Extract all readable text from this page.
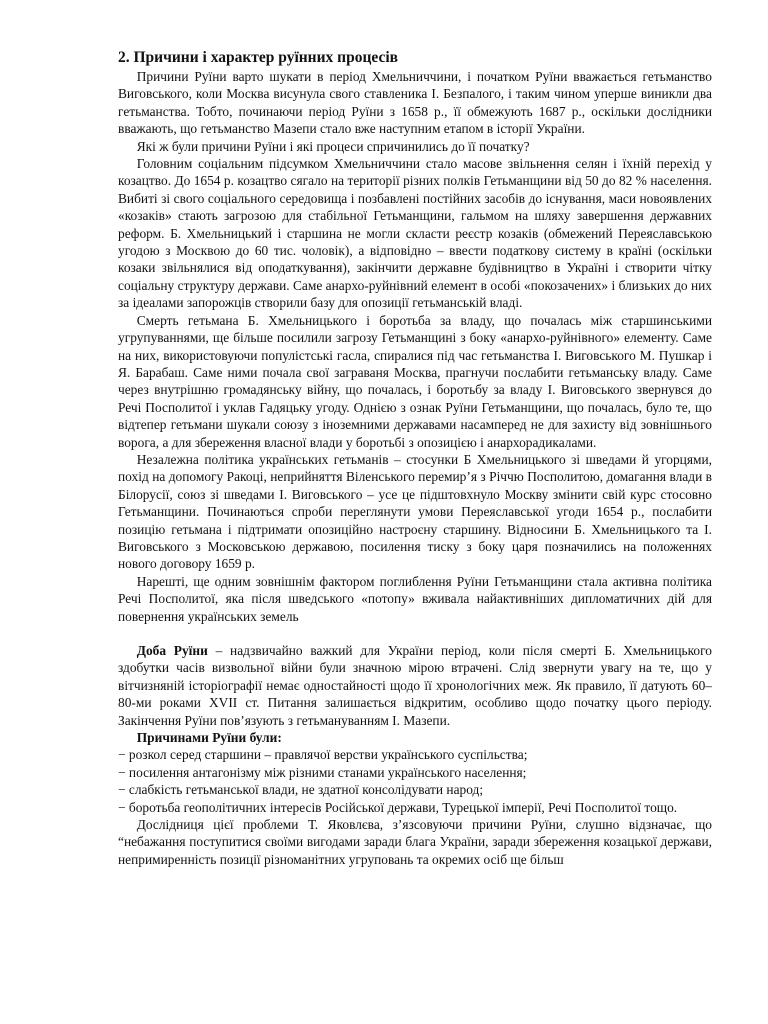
2. Причини і характер руїнних процесів

Причини Руїни варто шукати в період Хмельниччини, і початком Руїни вважається гетьманство Виговського, коли Москва висунула свого ставленика І. Безпалого, і таким чином уперше виникли два гетьманства. Тобто, починаючи період Руїни з 1658 р., її обмежують 1687 р., оскільки дослідники вважають, що гетьманство Мазепи стало вже наступним етапом в історії України.

Які ж були причини Руїни і які процеси спричинились до її початку?

Головним соціальним підсумком Хмельниччини стало масове звільнення селян і їхній перехід у козацтво. До 1654 р. козацтво сягало на території різних полків Гетьманщини від 50 до 82 % населення. Вибиті зі свого соціального середовища і позбавлені постійних засобів до існування, маси новоявлених «козаків» стають загрозою для стабільної Гетьманщини, гальмом на шляху завершення державних реформ. Б. Хмельницький і старшина не могли скласти реєстр козаків (обмежений Переяславською угодою з Москвою до 60 тис. чоловік), а відповідно – ввести податкову систему в країні (оскільки козаки звільнялися від оподаткування), закінчити державне будівництво в Україні і створити чітку соціальну структуру держави. Саме анархо-руйнівний елемент в особі «покозачених» і близьких до них за ідеалами запорожців створили базу для опозиції гетьманській владі.

Смерть гетьмана Б. Хмельницького і боротьба за владу, що почалась між старшинськими угрупуваннями, ще більше посилили загрозу Гетьманщині з боку «анархо-руйнівного» елементу. Саме на них, використовуючи популістські гасла, спиралися під час гетьманства І. Виговського М. Пушкар і Я. Барабаш. Саме ними почала свої заграваня Москва, прагнучи послабити гетьманську владу. Саме через внутрішню громадянську війну, що почалась, і боротьбу за владу І. Виговського звернувся до Речі Посполитої і уклав Гадяцьку угоду. Однією з ознак Руїни Гетьманщини, що почалась, було те, що відтепер гетьмани шукали союзу з іноземними державами насамперед не для захисту від зовнішнього ворога, а для збереження власної влади у боротьбі з опозицією і анархорадикалами.

Незалежна політика українських гетьманів – стосунки Б Хмельницького зі шведами й угорцями, похід на допомогу Ракоці, неприйняття Віленського перемир’я з Річчю Посполитою, домагання влади в Білорусії, союз зі шведами І. Виговського – усе це підштовхнуло Москву змінити свій курс стосовно Гетьманщини. Починаються спроби переглянути умови Переяславської угоди 1654 р., послабити позицію гетьмана і підтримати опозиційно настроєну старшину. Відносини Б. Хмельницького та І. Виговського з Московською державою, посилення тиску з боку царя позначились на положеннях нового договору 1659 р.

Нарешті, ще одним зовнішнім фактором поглиблення Руїни Гетьманщини стала активна політика Речі Посполитої, яка після шведського «потопу» вживала найактивніших дипломатичних дій для повернення українських земель

Доба Руїни – надзвичайно важкий для України період, коли після смерті Б. Хмельницького здобутки часів визвольної війни були значною мірою втрачені. Слід звернути увагу на те, що у вітчизняній історіографії немає одностайності щодо її хронологічних меж. Як правило, її датують 60–80-ми роками XVII ст. Питання залишається відкритим, особливо щодо початку цього періоду. Закінчення Руїни пов’язують з гетьмануванням І. Мазепи.

Причинами Руїни були:

− розкол серед старшини – правлячої верстви українського суспільства;

− посилення антагонізму між різними станами українського населення;

− слабкість гетьманської влади, не здатної консолідувати народ;

− боротьба геополітичних інтересів Російської держави, Турецької імперії, Речі Посполитої тощо.

Дослідниця цієї проблеми Т. Яковлєва, з’язсовуючи причини Руїни, слушно відзначає, що “небажання поступитися своїми вигодами заради блага України, заради збереження козацької держави, непримиренність позиції різноманітних угруповань та окремих осіб ще більш
